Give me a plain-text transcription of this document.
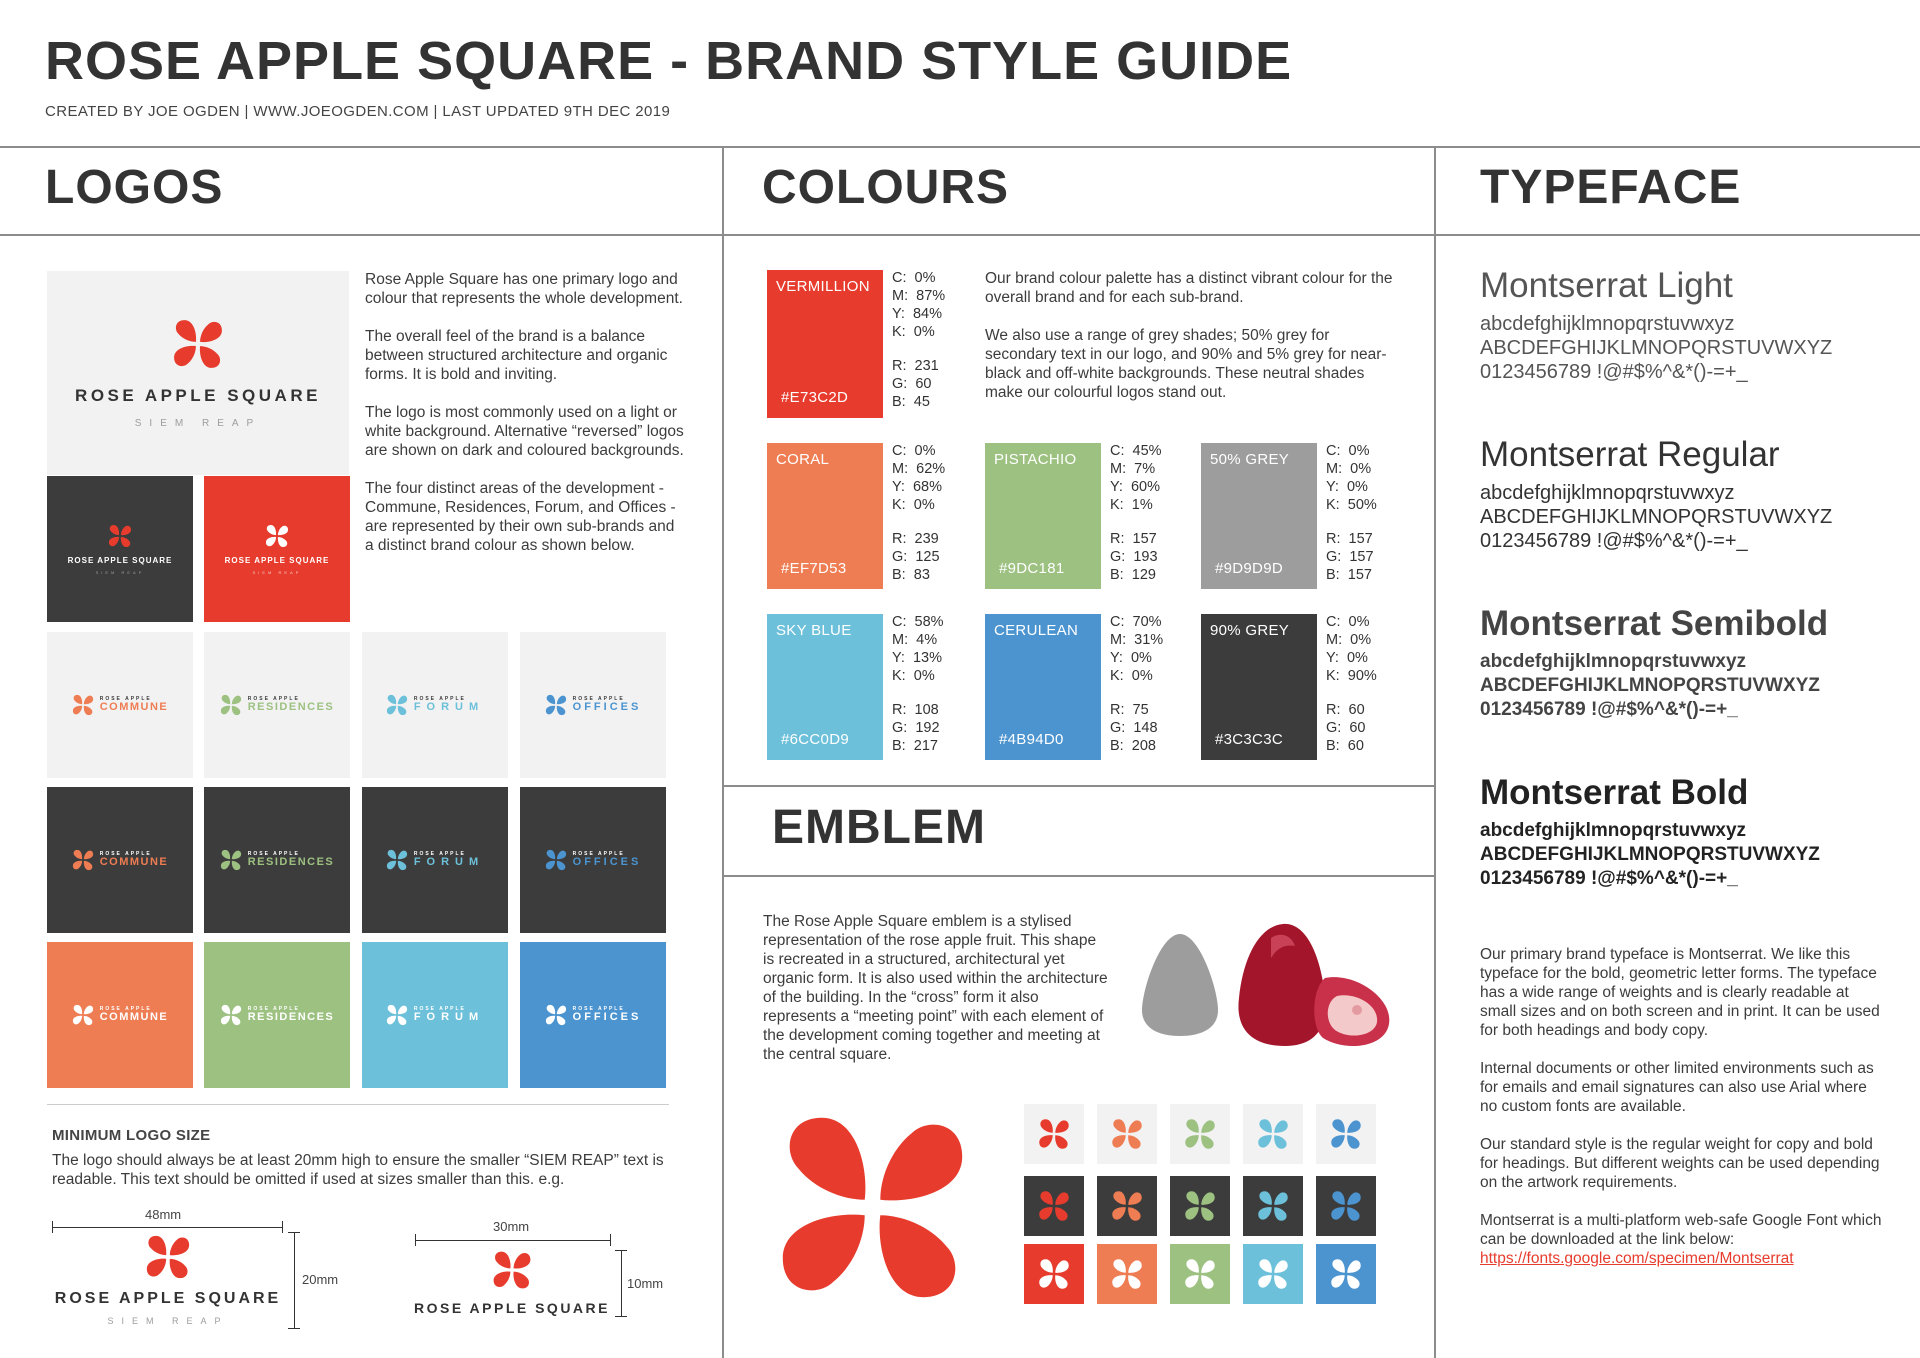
ROSE APPLE SQUARE - BRAND STYLE GUIDE
CREATED BY JOE OGDEN | WWW.JOEOGDEN.COM | LAST UPDATED 9TH DEC 2019
LOGOS	COLOURS	TYPEFACE
EMBLEM
ROSE APPLE SQUARE
SIEM REAP
ROSE APPLE SQUARE
SIEM REAP
ROSE APPLE SQUARE
SIEM REAP

Rose Apple Square has one primary logo and colour that represents the whole development.

The overall feel of the brand is a balance between structured architecture and organic forms. It is bold and inviting.

The logo is most commonly used on a light or white background. Alternative “reversed” logos are shown on dark and coloured backgrounds.

The four distinct areas of the development - Commune, Residences, Forum, and Offices - are represented by their own sub-brands and a distinct brand colour as shown below.

ROSE APPLE
COMMUNE
ROSE APPLE
RESIDENCES
ROSE APPLE
FORUM
ROSE APPLE
OFFICES
ROSE APPLE
COMMUNE
ROSE APPLE
RESIDENCES
ROSE APPLE
FORUM
ROSE APPLE
OFFICES
ROSE APPLE
COMMUNE
ROSE APPLE
RESIDENCES
ROSE APPLE
FORUM
ROSE APPLE
OFFICES
MINIMUM LOGO SIZE
The logo should always be at least 20mm high to ensure the smaller “SIEM REAP” text is readable. This text should be omitted if used at sizes smaller than this. e.g.
48mm
ROSE APPLE SQUARE
SIEM REAP
20mm
30mm
ROSE APPLE SQUARE
10mm
VERMILLION
#E73C2D
C:  0%
M:  87%
Y:  84%
K:  0%
R:  231
G:  60
B:  45
CORAL
#EF7D53
C:  0%
M:  62%
Y:  68%
K:  0%
R:  239
G:  125
B:  83
PISTACHIO
#9DC181
C:  45%
M:  7%
Y:  60%
K:  1%
R:  157
G:  193
B:  129
50% GREY
#9D9D9D
C:  0%
M:  0%
Y:  0%
K:  50%
R:  157
G:  157
B:  157
SKY BLUE
#6CC0D9
C:  58%
M:  4%
Y:  13%
K:  0%
R:  108
G:  192
B:  217
CERULEAN
#4B94D0
C:  70%
M:  31%
Y:  0%
K:  0%
R:  75
G:  148
B:  208
90% GREY
#3C3C3C
C:  0%
M:  0%
Y:  0%
K:  90%
R:  60
G:  60
B:  60

Our brand colour palette has a distinct vibrant colour for the overall brand and for each sub-brand.

We also use a range of grey shades; 50% grey for secondary text in our logo, and 90% and 5% grey for near-black and off-white backgrounds. These neutral shades make our colourful logos stand out.

The Rose Apple Square emblem is a stylised representation of the rose apple fruit. This shape is recreated in a structured, architectural yet organic form. It is also used within the architecture of the building. In the “cross” form it also represents a “meeting point” with each element of the development coming together and meeting at the central square.
Montserrat Light
abcdefghijklmnopqrstuvwxyz
ABCDEFGHIJKLMNOPQRSTUVWXYZ
0123456789 !@#$%^&*()-=+_
Montserrat Regular
abcdefghijklmnopqrstuvwxyz
ABCDEFGHIJKLMNOPQRSTUVWXYZ
0123456789 !@#$%^&*()-=+_
Montserrat Semibold
abcdefghijklmnopqrstuvwxyz
ABCDEFGHIJKLMNOPQRSTUVWXYZ
0123456789 !@#$%^&*()-=+_
Montserrat Bold
abcdefghijklmnopqrstuvwxyz
ABCDEFGHIJKLMNOPQRSTUVWXYZ
0123456789 !@#$%^&*()-=+_

Our primary brand typeface is Montserrat. We like this typeface for the bold, geometric letter forms. The typeface has a wide range of weights and is clearly readable at small sizes and on both screen and in print. It can be used for both headings and body copy.

Internal documents or other limited environments such as for emails and email signatures can also use Arial where no custom fonts are available.

Our standard style is the regular weight for copy and bold for headings. But different weights can be used depending on the artwork requirements.

Montserrat is a multi-platform web-safe Google Font which can be downloaded at the link below:

https://fonts.google.com/specimen/Montserrat
